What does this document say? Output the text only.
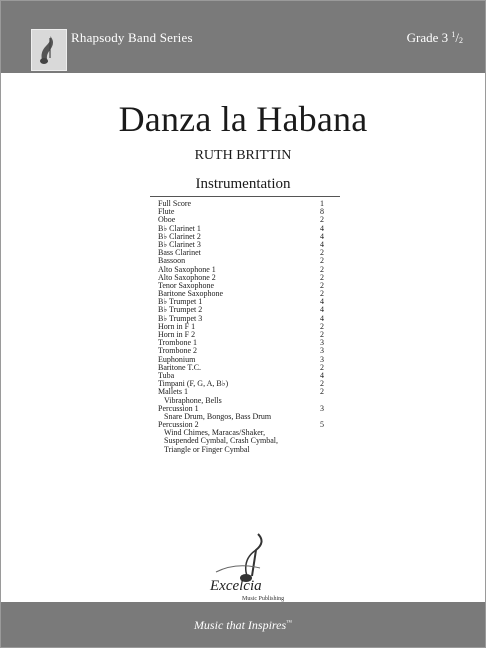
Rhapsody Band Series	Grade 3 $^1/_2$
Danza la Habana
RUTH BRITTIN
Instrumentation
Full Score	1
Flute	8
Oboe	2
B♭ Clarinet 1	4
B♭ Clarinet 2	4
B♭ Clarinet 3	4
Bass Clarinet	2
Bassoon	2
Alto Saxophone 1	2
Alto Saxophone 2	2
Tenor Saxophone	2
Baritone Saxophone	2
B♭ Trumpet 1	4
B♭ Trumpet 2	4
B♭ Trumpet 3	4
Horn in F 1	2
Horn in F 2	2
Trombone 1	3
Trombone 2	3
Euphonium	3
Baritone T.C.	2
Tuba	4
Timpani (F, G, A, B♭)	2
Mallets 1	2
Vibraphone, Bells
Percussion 1	3
Snare Drum, Bongos, Bass Drum
Percussion 2	5
Wind Chimes, Maracas/Shaker,
Suspended Cymbal, Crash Cymbal,
Triangle or Finger Cymbal
Excelcia
Music Publishing
Music that Inspires™
